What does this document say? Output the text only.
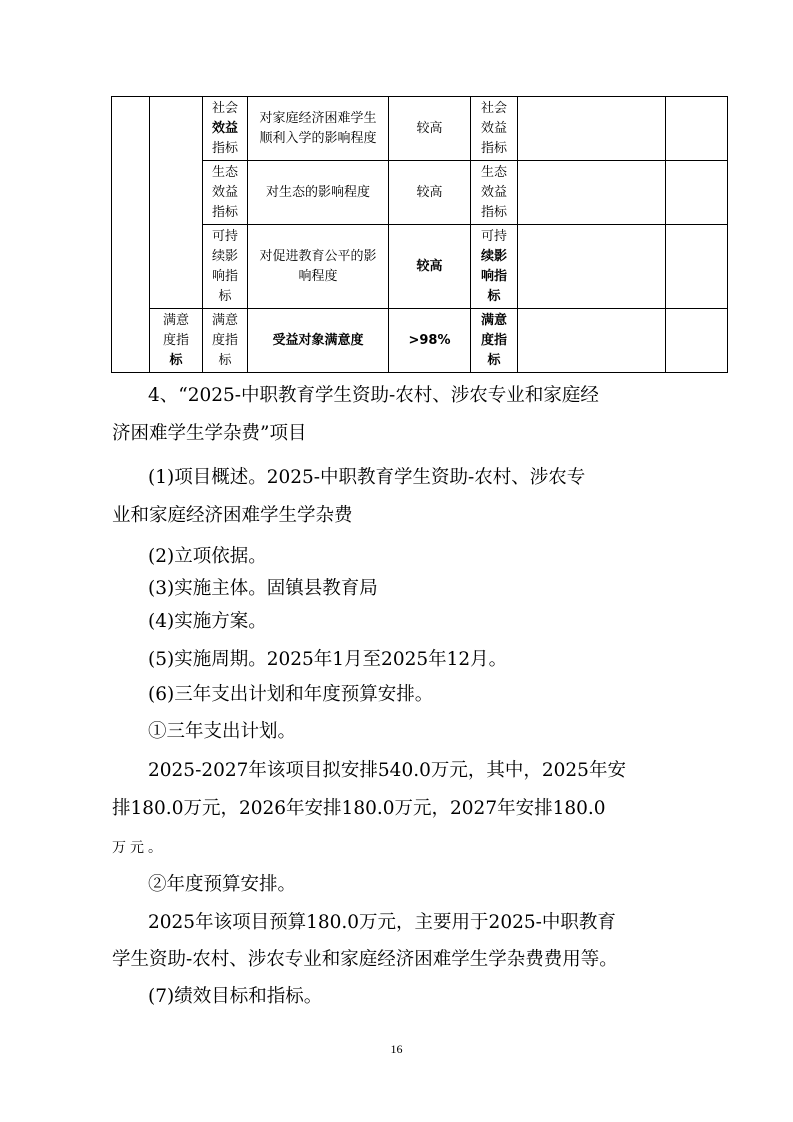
		社会
效益
指标	对家庭经济困难学生
顺利入学的影响程度	较高	社会
效益
指标		

		生态
效益
指标	对生态的影响程度	较高	生态
效益
指标		

		可持
续影
响指
标	对促进教育公平的影
响程度	较高	可持
续影
响指
标		

	满意
度指
标	满意
度指
标	受益对象满意度	>98%	满意
度指
标		

4、“2025-中职教育学生资助-农村、涉农专业和家庭经
济困难学生学杂费”项目
(1)项目概述。2025-中职教育学生资助-农村、涉农专
业和家庭经济困难学生学杂费
(2)立项依据。
(3)实施主体。固镇县教育局
(4)实施方案。
(5)实施周期。2025年1月至2025年12月。
(6)三年支出计划和年度预算安排。
①三年支出计划。
2025-2027年该项目拟安排540.0万元，其中，2025年安
排180.0万元，2026年安排180.0万元，2027年安排180.0
万元。
②年度预算安排。
2025年该项目预算180.0万元，主要用于2025-中职教育
学生资助-农村、涉农专业和家庭经济困难学生学杂费费用等。
(7)绩效目标和指标。
16
